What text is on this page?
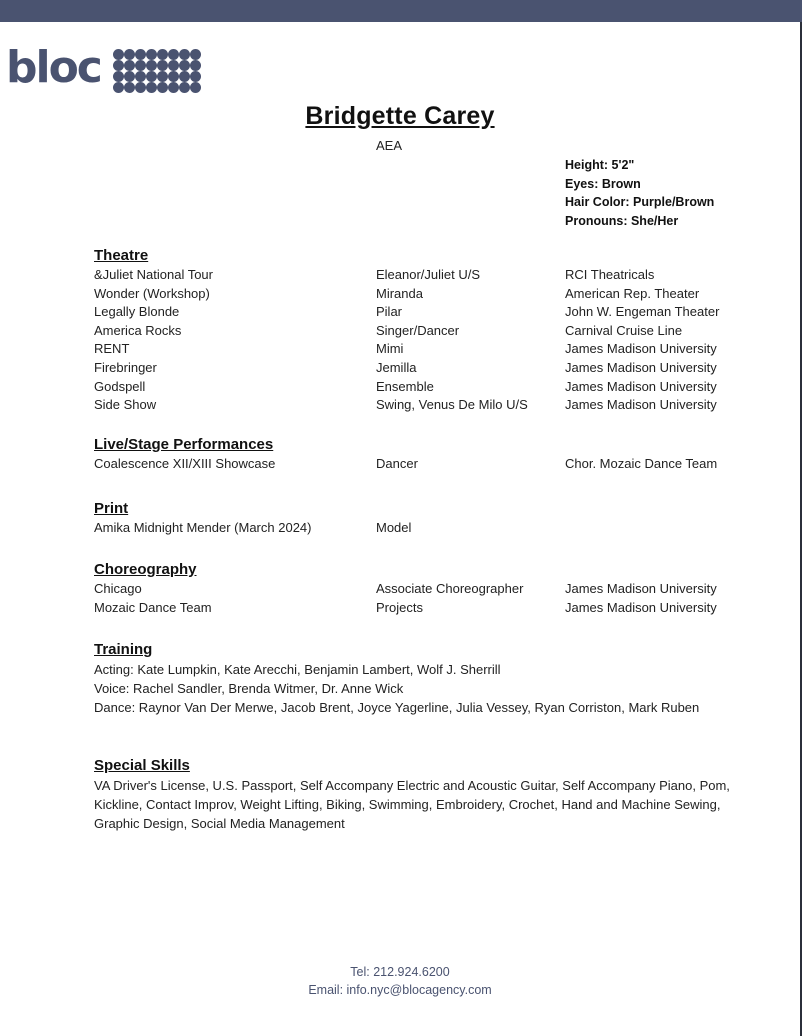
bloc
Bridgette Carey
AEA
Height: 5'2"
Eyes: Brown
Hair Color: Purple/Brown
Pronouns: She/Her
Theatre
&Juliet National Tour	Eleanor/Juliet U/S	RCI Theatricals
Wonder (Workshop)	Miranda	American Rep. Theater
Legally Blonde	Pilar	John W. Engeman Theater
America Rocks	Singer/Dancer	Carnival Cruise Line
RENT	Mimi	James Madison University
Firebringer	Jemilla	James Madison University
Godspell	Ensemble	James Madison University
Side Show	Swing, Venus De Milo U/S	James Madison University
Live/Stage Performances
Coalescence XII/XIII Showcase	Dancer	Chor. Mozaic Dance Team
Print
Amika Midnight Mender (March 2024)	Model
Choreography
Chicago	Associate Choreographer	James Madison University
Mozaic Dance Team	Projects	James Madison University
Training

Acting: Kate Lumpkin, Kate Arecchi, Benjamin Lambert, Wolf J. Sherrill

Voice: Rachel Sandler, Brenda Witmer, Dr. Anne Wick

Dance: Raynor Van Der Merwe, Jacob Brent, Joyce Yagerline, Julia Vessey, Ryan Corriston, Mark Ruben

Special Skills

VA Driver's License, U.S. Passport, Self Accompany Electric and Acoustic Guitar, Self Accompany Piano, Pom, Kickline, Contact Improv, Weight Lifting, Biking, Swimming, Embroidery, Crochet, Hand and Machine Sewing, Graphic Design, Social Media Management

Tel: 212.924.6200
Email: info.nyc@blocagency.com
